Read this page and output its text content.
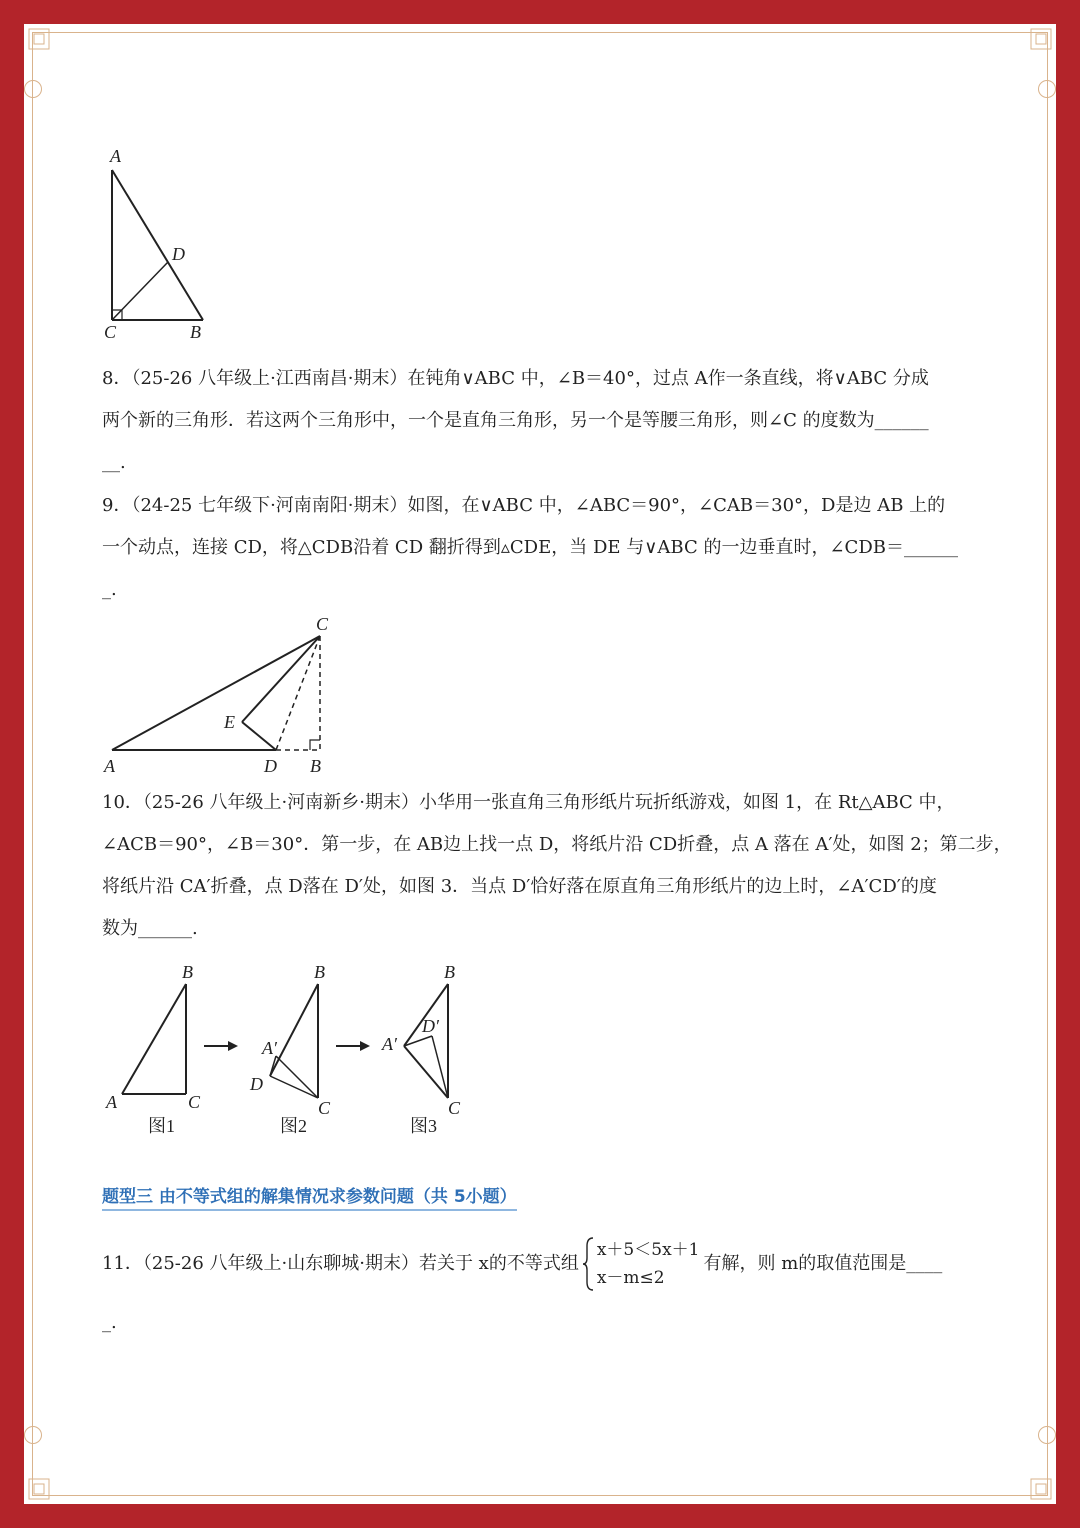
A
D
C	B
8．（25-26 八年级上·江西南昌·期末）在钝角∨ABC 中，∠B＝40°，过点 A作一条直线，将∨ABC 分成
两个新的三角形．若这两个三角形中，一个是直角三角形，另一个是等腰三角形，则∠C 的度数为______
__.
9．（24-25 七年级下·河南南阳·期末）如图，在∨ABC 中，∠ABC＝90°，∠CAB＝30°，D是边 AB 上的
一个动点，连接 CD，将△CDB沿着 CD 翻折得到▵CDE，当 DE 与∨ABC 的一边垂直时，∠CDB＝______
_.
C
E
A	D B
10．（25-26 八年级上·河南新乡·期末）小华用一张直角三角形纸片玩折纸游戏，如图 1，在 Rt△ABC 中，
∠ACB＝90°，∠B＝30°．第一步，在 AB边上找一点 D，将纸片沿 CD折叠，点 A 落在 A′处，如图 2；第二步，
将纸片沿 CA′折叠，点 D落在 D′处，如图 3．当点 D′恰好落在原直角三角形纸片的边上时，∠A′CD′的度
数为______.
B
A	C
图1
B
A′
D
C
图2
B
A′
D′
C
图3
题型三 由不等式组的解集情况求参数问题（共 5小题）
11．（25-26 八年级上·山东聊城·期末）若关于 x的不等式组
x＋5＜5x＋1
x－m≤2
有解，则 m的取值范围是____
_.
